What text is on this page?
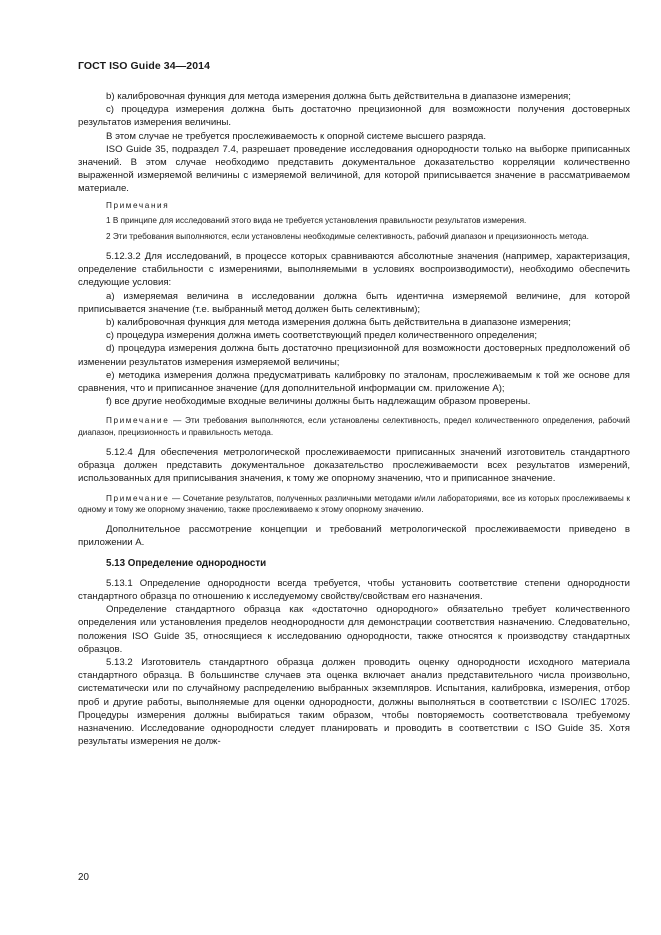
ГОСТ ISO Guide 34—2014

b) калибровочная функция для метода измерения должна быть действительна в диапазоне измерения;

c) процедура измерения должна быть достаточно прецизионной для возможности получения достоверных результатов измерения величины.

В этом случае не требуется прослеживаемость к опорной системе высшего разряда.

ISO Guide 35, подраздел 7.4, разрешает проведение исследования однородности только на выборке приписанных значений. В этом случае необходимо представить документальное доказательство корреляции количественно выраженной измеряемой величины с измеряемой величиной, для которой приписывается значение в рассматриваемом материале.

Примечания

1 В принципе для исследований этого вида не требуется установления правильности результатов измерения.

2 Эти требования выполняются, если установлены необходимые селективность, рабочий диапазон и прецизионность метода.

5.12.3.2 Для исследований, в процессе которых сравниваются абсолютные значения (например, характеризация, определение стабильности с измерениями, выполняемыми в условиях воспроизводимости), необходимо обеспечить следующие условия:

a) измеряемая величина в исследовании должна быть идентична измеряемой величине, для которой приписывается значение (т.е. выбранный метод должен быть селективным);

b) калибровочная функция для метода измерения должна быть действительна в диапазоне измерения;

c) процедура измерения должна иметь соответствующий предел количественного определения;

d) процедура измерения должна быть достаточно прецизионной для возможности достоверных предположений об изменении результатов измерения измеряемой величины;

e) методика измерения должна предусматривать калибровку по эталонам, прослеживаемым к той же основе для сравнения, что и приписанное значение (для дополнительной информации см. приложение А);

f) все другие необходимые входные величины должны быть надлежащим образом проверены.

Примечание — Эти требования выполняются, если установлены селективность, предел количественного определения, рабочий диапазон, прецизионность и правильность метода.

5.12.4 Для обеспечения метрологической прослеживаемости приписанных значений изготовитель стандартного образца должен представить документальное доказательство прослеживаемости всех результатов измерений, использованных для приписывания значения, к тому же опорному значению, что и приписанное значение.

Примечание — Сочетание результатов, полученных различными методами и/или лабораториями, все из которых прослеживаемы к одному и тому же опорному значению, также прослеживаемо к этому опорному значению.

Дополнительное рассмотрение концепции и требований метрологической прослеживаемости приведено в приложении А.

5.13 Определение однородности

5.13.1 Определение однородности всегда требуется, чтобы установить соответствие степени однородности стандартного образца по отношению к исследуемому свойству/свойствам его назначения.

Определение стандартного образца как «достаточно однородного» обязательно требует количественного определения или установления пределов неоднородности для демонстрации соответствия назначению. Следовательно, положения ISO Guide 35, относящиеся к исследованию однородности, также относятся к производству стандартных образцов.

5.13.2 Изготовитель стандартного образца должен проводить оценку однородности исходного материала стандартного образца. В большинстве случаев эта оценка включает анализ представительного числа произвольно, систематически или по случайному распределению выбранных экземпляров. Испытания, калибровка, измерения, отбор проб и другие работы, выполняемые для оценки однородности, должны выполняться в соответствии с ISO/IEC 17025. Процедуры измерения должны выбираться таким образом, чтобы повторяемость соответствовала требуемому назначению. Исследование однородности следует планировать и проводить в соответствии с ISO Guide 35. Хотя результаты измерения не долж-

20
